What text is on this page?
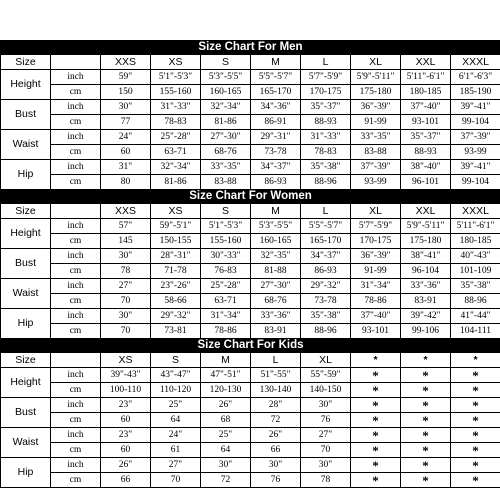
Size Chart For Men									
Size		XXS	XS	S	M	L	XL	XXL	XXXL
Height	inch	59"	5'1"-5'3"	5'3"-5'5"	5'5"-5'7"	5'7"-5'9"	5'9"-5'11"	5'11"-6'1"	6'1"-6'3"
	cm	150	155-160	160-165	165-170	170-175	175-180	180-185	185-190
Bust	inch	30"	31"-33"	32"-34"	34"-36"	35"-37"	36"-39"	37"-40"	39"-41"
	cm	77	78-83	81-86	86-91	88-93	91-99	93-101	99-104
Waist	inch	24"	25"-28"	27"-30"	29"-31"	31"-33"	33"-35"	35"-37"	37"-39"
	cm	60	63-71	68-76	73-78	78-83	83-88	88-93	93-99
Hip	inch	31"	32"-34"	33"-35"	34"-37"	35"-38"	37"-39"	38"-40"	39"-41"
	cm	80	81-86	83-88	86-93	88-96	93-99	96-101	99-104
Size Chart For Women									
Size		XXS	XS	S	M	L	XL	XXL	XXXL
Height	inch	57"	59"-5'1"	5'1"-5'3"	5'3"-5'5"	5'5"-5'7"	5'7"-5'9"	5'9"-5'11"	5'11"-6'1"
	cm	145	150-155	155-160	160-165	165-170	170-175	175-180	180-185
Bust	inch	30"	28"-31"	30"-33"	32"-35"	34"-37"	36"-39"	38"-41"	40"-43"
	cm	78	71-78	76-83	81-88	86-93	91-99	96-104	101-109
Waist	inch	27"	23"-26"	25"-28"	27"-30"	29"-32"	31"-34"	33"-36"	35"-38"
	cm	70	58-66	63-71	68-76	73-78	78-86	83-91	88-96
Hip	inch	30"	29"-32"	31"-34"	33"-36"	35"-38"	37"-40"	39"-42"	41"-44"
	cm	70	73-81	78-86	83-91	88-96	93-101	99-106	104-111
Size Chart For Kids									
Size		XS	S	M	L	XL	*	*	*
Height	inch	39"-43"	43"-47"	47"-51"	51"-55"	55"-59"	*	*	*
	cm	100-110	110-120	120-130	130-140	140-150	*	*	*
Bust	inch	23"	25"	26"	28"	30"	*	*	*
	cm	60	64	68	72	76	*	*	*
Waist	inch	23"	24"	25"	26"	27"	*	*	*
	cm	60	61	64	66	70	*	*	*
Hip	inch	26"	27"	30"	30"	30"	*	*	*
	cm	66	70	72	76	78	*	*	*
